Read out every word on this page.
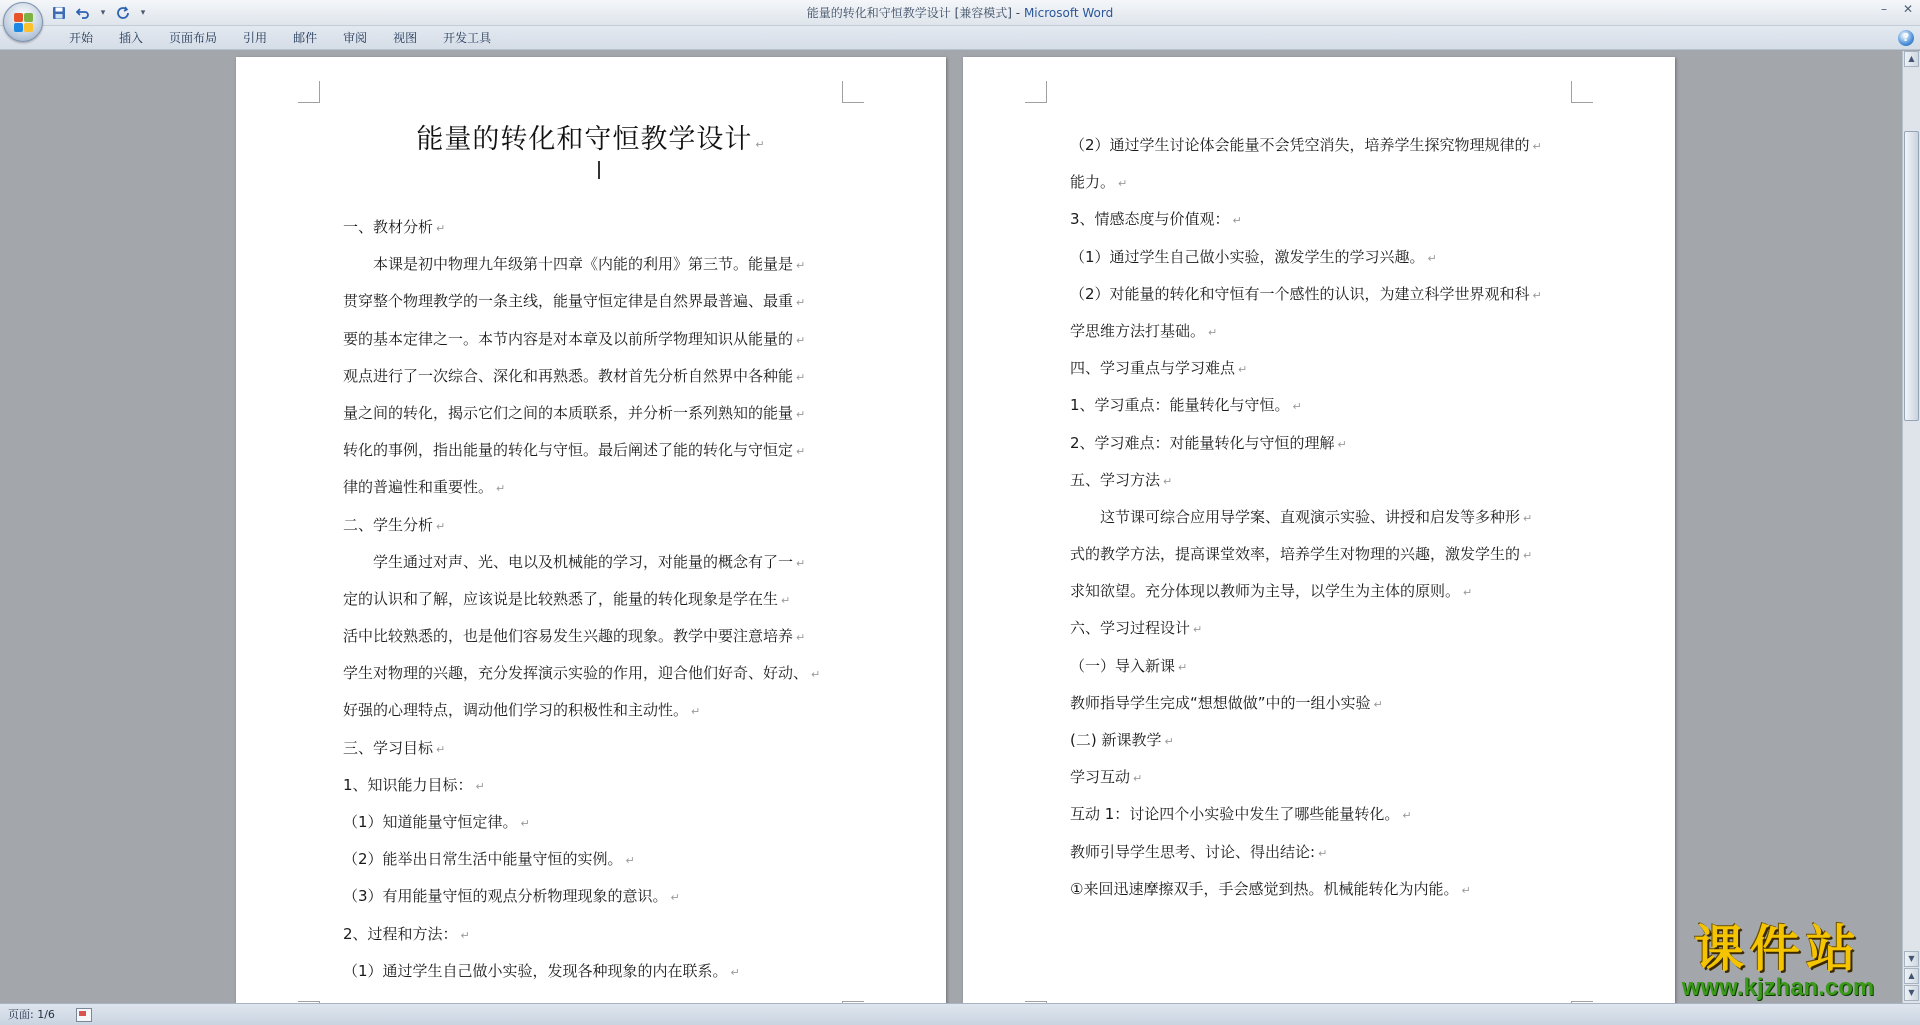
▾	▾	能量的转化和守恒教学设计 [兼容模式] - Microsoft Word	–	✕
开始	插入	页面布局	引用	邮件	审阅	视图	开发工具	?
能量的转化和守恒教学设计 ↵
一、教材分析 ↵
　　本课是初中物理九年级第十四章《内能的利用》第三节。能量是 ↵
贯穿整个物理教学的一条主线，能量守恒定律是自然界最普遍、最重 ↵
要的基本定律之一。本节内容是对本章及以前所学物理知识从能量的 ↵
观点进行了一次综合、深化和再熟悉。教材首先分析自然界中各种能 ↵
量之间的转化，揭示它们之间的本质联系，并分析一系列熟知的能量 ↵
转化的事例，指出能量的转化与守恒。最后阐述了能的转化与守恒定 ↵
律的普遍性和重要性。 ↵
二、学生分析 ↵
　　学生通过对声、光、电以及机械能的学习，对能量的概念有了一 ↵
定的认识和了解，应该说是比较熟悉了，能量的转化现象是学在生 ↵
活中比较熟悉的，也是他们容易发生兴趣的现象。教学中要注意培养 ↵
学生对物理的兴趣，充分发挥演示实验的作用，迎合他们好奇、好动、 ↵
好强的心理特点，调动他们学习的积极性和主动性。 ↵
三、学习目标 ↵
1、知识能力目标： ↵
（1）知道能量守恒定律。 ↵
（2）能举出日常生活中能量守恒的实例。 ↵
（3）有用能量守恒的观点分析物理现象的意识。 ↵
2、过程和方法： ↵
（1）通过学生自己做小实验，发现各种现象的内在联系。 ↵
（2）通过学生讨论体会能量不会凭空消失，培养学生探究物理规律的 ↵
能力。 ↵
3、情感态度与价值观： ↵
（1）通过学生自己做小实验，激发学生的学习兴趣。 ↵
（2）对能量的转化和守恒有一个感性的认识，为建立科学世界观和科 ↵
学思维方法打基础。 ↵
四、学习重点与学习难点 ↵
1、学习重点：能量转化与守恒。 ↵
2、学习难点：对能量转化与守恒的理解 ↵
五、学习方法 ↵
　　这节课可综合应用导学案、直观演示实验、讲授和启发等多种形 ↵
式的教学方法，提高课堂效率，培养学生对物理的兴趣，激发学生的 ↵
求知欲望。充分体现以教师为主导，以学生为主体的原则。 ↵
六、学习过程设计 ↵
（一）导入新课 ↵
教师指导学生完成“想想做做”中的一组小实验 ↵
(二) 新课教学 ↵
学习互动 ↵
互动 1：讨论四个小实验中发生了哪些能量转化。 ↵
教师引导学生思考、讨论、得出结论: ↵
①来回迅速摩擦双手，手会感觉到热。机械能转化为内能。 ↵
▲
▼
▲
▼
页面: 1/6
课件站
www.kjzhan.com
